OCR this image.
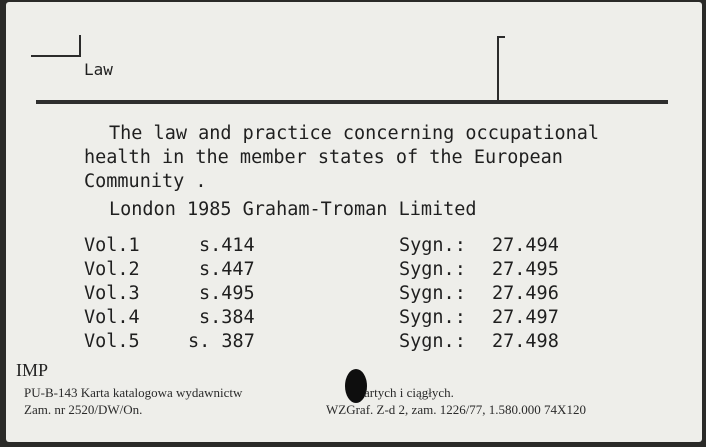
Law
The law and practice concerning occupational
health in the member states of the European
Community .
London 1985 Graham-Troman Limited
Vol.1	s.414	Sygn.: 27.494
Vol.2	s.447	Sygn.: 27.495
Vol.3	s.495	Sygn.: 27.496
Vol.4	s.384	Sygn.: 27.497
Vol.5	s. 387	Sygn.: 27.498
IMP
PU-B-143 Karta katalogowa wydawnictw	artych i ciągłych.
Zam. nr 2520/DW/On.	WZGraf. Z-d 2, zam. 1226/77, 1.580.000 74X120
